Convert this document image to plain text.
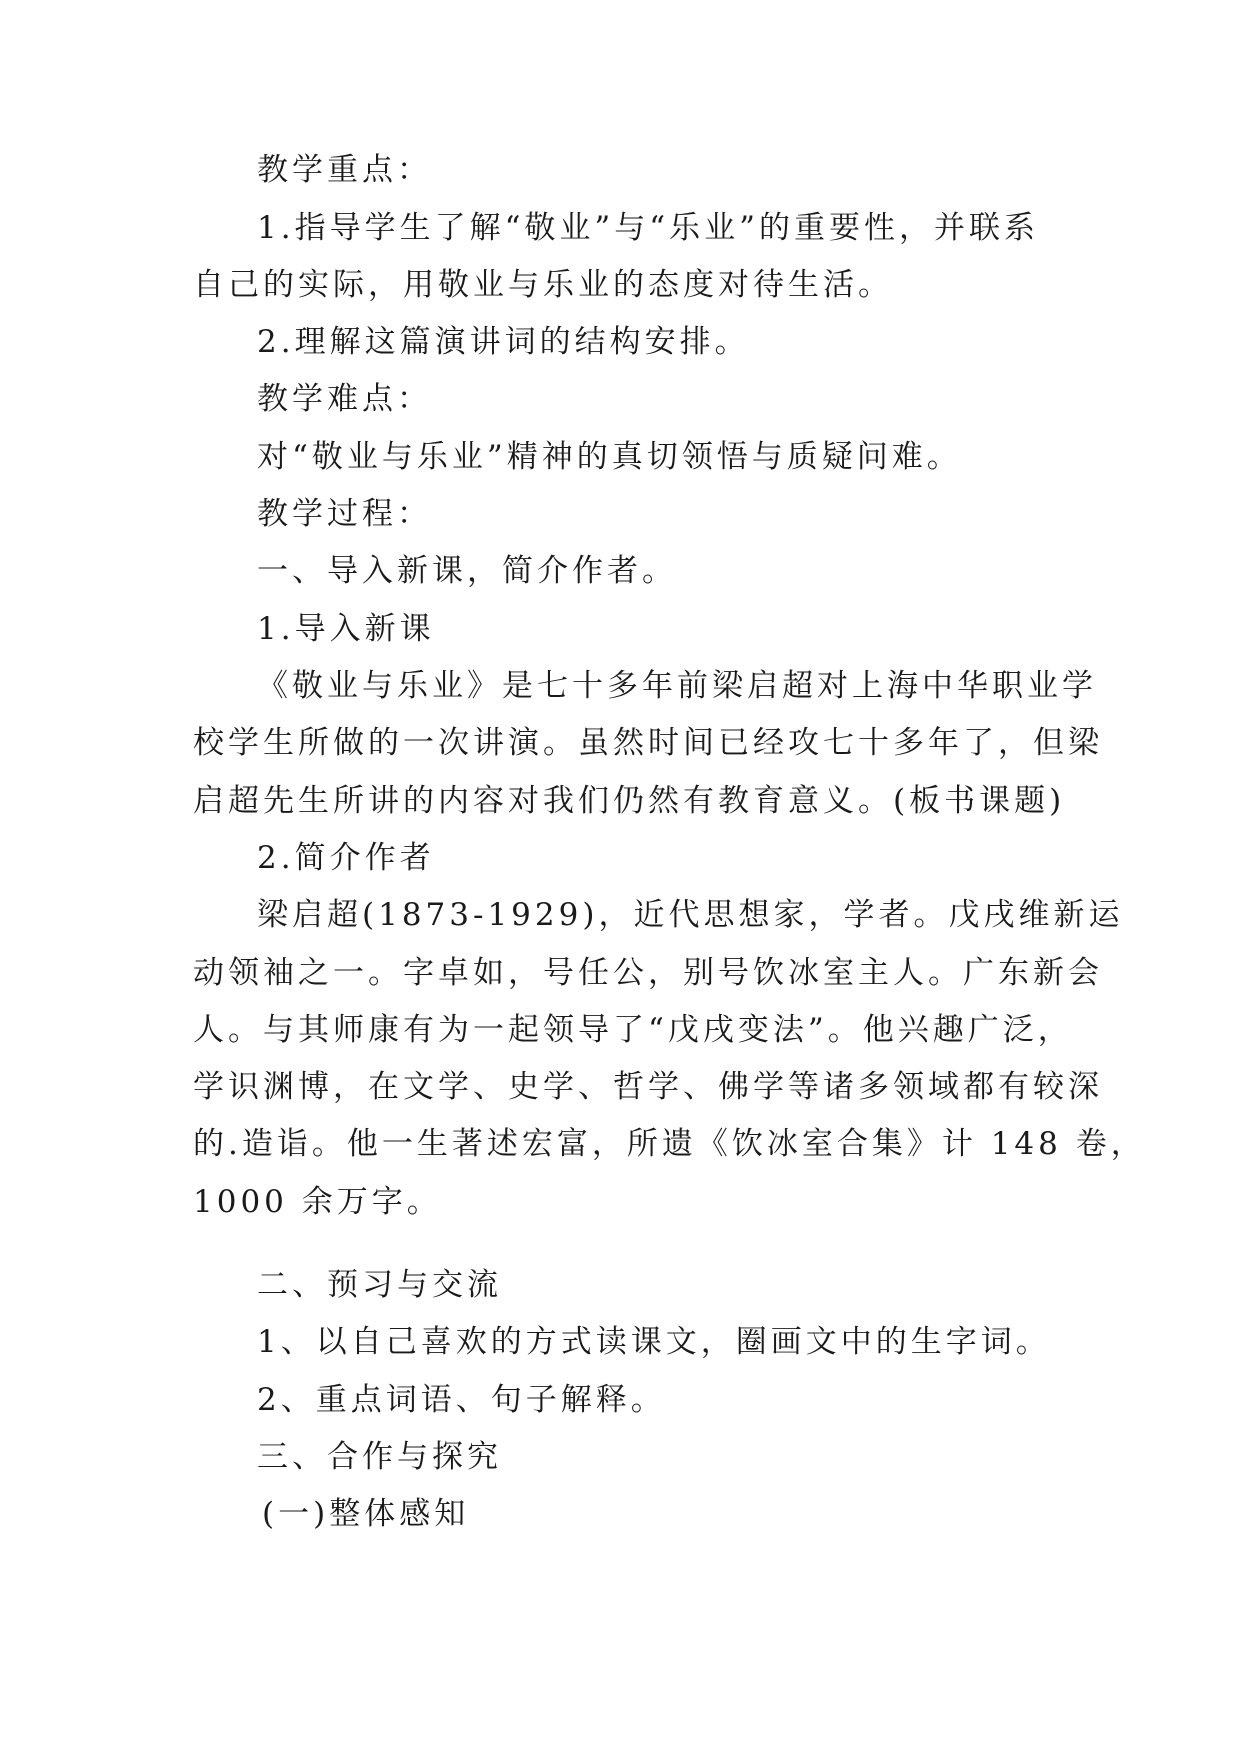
教学重点：
1.指导学生了解“敬业”与“乐业”的重要性，并联系
自己的实际，用敬业与乐业的态度对待生活。
2.理解这篇演讲词的结构安排。
教学难点：
对“敬业与乐业”精神的真切领悟与质疑问难。
教学过程：
一、导入新课，简介作者。
1.导入新课
《敬业与乐业》是七十多年前梁启超对上海中华职业学
校学生所做的一次讲演。虽然时间已经攻七十多年了，但梁
启超先生所讲的内容对我们仍然有教育意义。(板书课题)
2.简介作者
梁启超(1873-1929)，近代思想家，学者。戊戌维新运
动领袖之一。字卓如，号任公，别号饮冰室主人。广东新会
人。与其师康有为一起领导了“戊戌变法”。他兴趣广泛，
学识渊博，在文学、史学、哲学、佛学等诸多领域都有较深
的.造诣。他一生著述宏富，所遗《饮冰室合集》计 148 卷，
1000 余万字。
二、预习与交流
1、以自己喜欢的方式读课文，圈画文中的生字词。
2、重点词语、句子解释。
三、合作与探究
(一)整体感知
